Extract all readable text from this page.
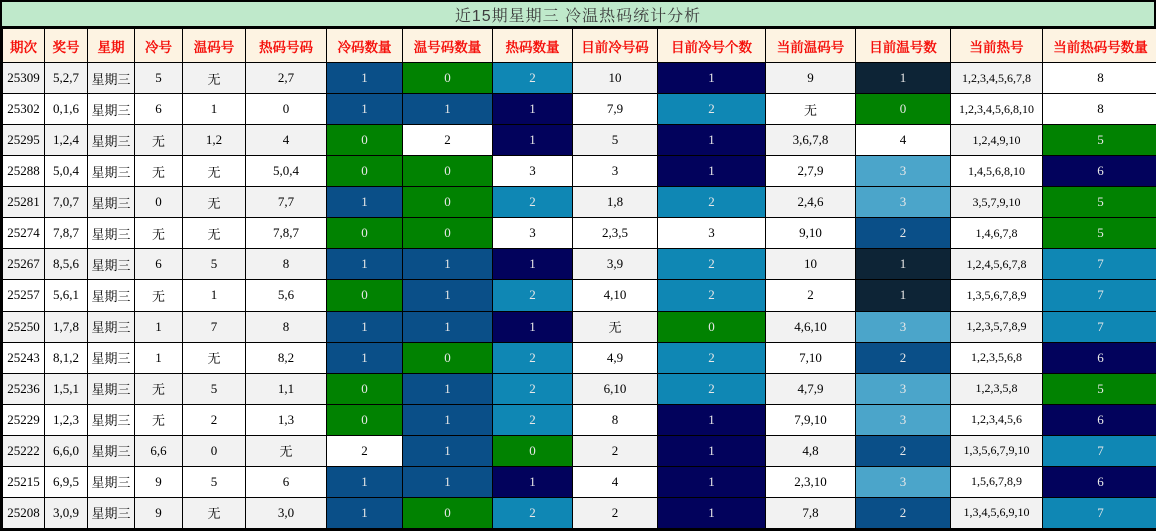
近15期星期三 冷温热码统计分析
期次	奖号	星期	冷号	温码号	热码号码	冷码数量	温号码数量	热码数量	目前冷号码	目前冷号个数	当前温码号	目前温号数	当前热号	当前热码号数量
25309	5,2,7	星期三	5	无	2,7	1	0	2	10	1	9	1	1,2,3,4,5,6,7,8	8
25302	0,1,6	星期三	6	1	0	1	1	1	7,9	2	无	0	1,2,3,4,5,6,8,10	8
25295	1,2,4	星期三	无	1,2	4	0	2	1	5	1	3,6,7,8	4	1,2,4,9,10	5
25288	5,0,4	星期三	无	无	5,0,4	0	0	3	3	1	2,7,9	3	1,4,5,6,8,10	6
25281	7,0,7	星期三	0	无	7,7	1	0	2	1,8	2	2,4,6	3	3,5,7,9,10	5
25274	7,8,7	星期三	无	无	7,8,7	0	0	3	2,3,5	3	9,10	2	1,4,6,7,8	5
25267	8,5,6	星期三	6	5	8	1	1	1	3,9	2	10	1	1,2,4,5,6,7,8	7
25257	5,6,1	星期三	无	1	5,6	0	1	2	4,10	2	2	1	1,3,5,6,7,8,9	7
25250	1,7,8	星期三	1	7	8	1	1	1	无	0	4,6,10	3	1,2,3,5,7,8,9	7
25243	8,1,2	星期三	1	无	8,2	1	0	2	4,9	2	7,10	2	1,2,3,5,6,8	6
25236	1,5,1	星期三	无	5	1,1	0	1	2	6,10	2	4,7,9	3	1,2,3,5,8	5
25229	1,2,3	星期三	无	2	1,3	0	1	2	8	1	7,9,10	3	1,2,3,4,5,6	6
25222	6,6,0	星期三	6,6	0	无	2	1	0	2	1	4,8	2	1,3,5,6,7,9,10	7
25215	6,9,5	星期三	9	5	6	1	1	1	4	1	2,3,10	3	1,5,6,7,8,9	6
25208	3,0,9	星期三	9	无	3,0	1	0	2	2	1	7,8	2	1,3,4,5,6,9,10	7
